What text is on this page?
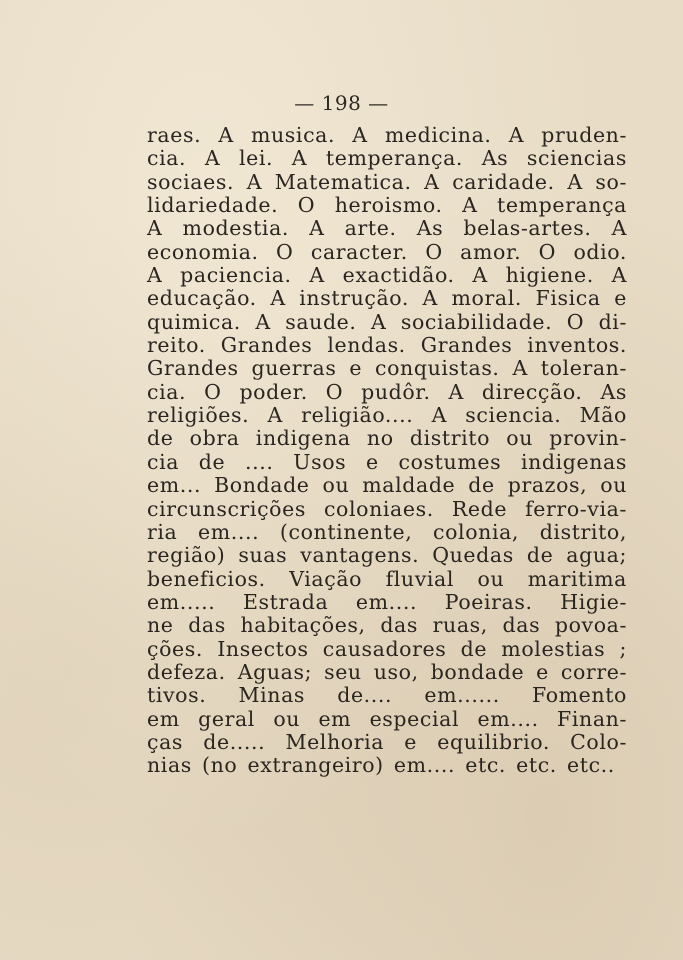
— 198 —
raes. A musica. A medicina. A pruden-
cia. A lei. A temperança. As sciencias
sociaes. A Matematica. A caridade. A so-
lidariedade. O heroismo. A temperança
A modestia. A arte. As belas-artes. A
economia. O caracter. O amor. O odio.
A paciencia. A exactidão. A higiene. A
educação. A instrução. A moral. Fisica e
quimica. A saude. A sociabilidade. O di-
reito. Grandes lendas. Grandes inventos.
Grandes guerras e conquistas. A toleran-
cia. O poder. O pudôr. A direcção. As
religiões. A religião.... A sciencia. Mão
de obra indigena no distrito ou provin-
cia de .... Usos e costumes indigenas
em... Bondade ou maldade de prazos, ou
circunscrições coloniaes. Rede ferro-via-
ria em.... (continente, colonia, distrito,
região) suas vantagens. Quedas de agua;
beneficios. Viação fluvial ou maritima
em..... Estrada em.... Poeiras. Higie-
ne das habitações, das ruas, das povoa-
ções. Insectos causadores de molestias ;
defeza. Aguas; seu uso, bondade e corre-
tivos. Minas de.... em...... Fomento
em geral ou em especial em.... Finan-
ças de..... Melhoria e equilibrio. Colo-
nias (no extrangeiro) em.... etc. etc. etc..
